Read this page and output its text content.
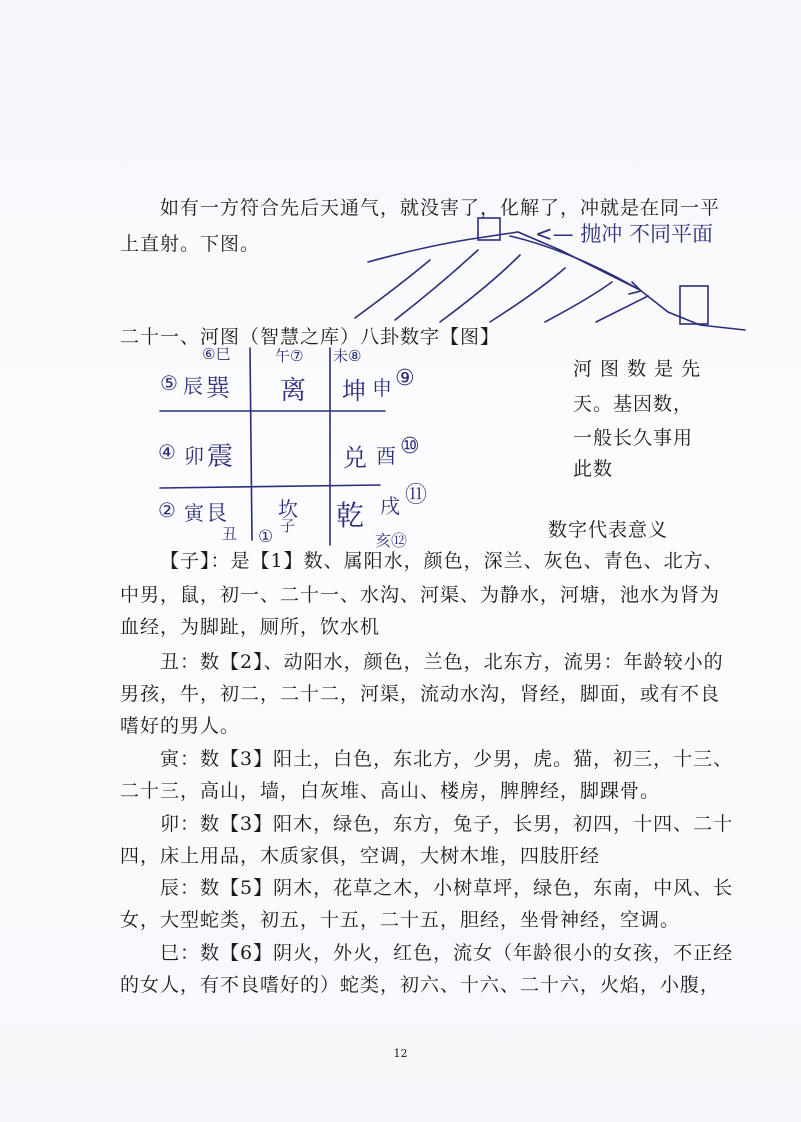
如有一方符合先后天通气，就没害了，化解了，冲就是在同一平
上直射。下图。	<— 抛冲 不同平面
二十一、河图（智慧之库）八卦数字【图】
⑥巳
⑤ 辰 巽
午⑦
离
未⑧
坤 申 ⑨
④ 卯 震	兑 酉 ⑩
② 寅 艮	坎
子
丑 ①
乾 戌 ⑪
亥⑫
河 图 数 是 先
天。基因数，
一般长久事用
此数
数字代表意义
【子】：是【1】数、属阳水，颜色，深兰、灰色、青色、北方、
中男，鼠，初一、二十一、水沟、河渠、为静水，河塘，池水为肾为
血经，为脚趾，厕所，饮水机
丑：数【2】、动阳水，颜色，兰色，北东方，流男：年龄较小的
男孩，牛，初二，二十二，河渠，流动水沟，肾经，脚面，或有不良
嗜好的男人。
寅：数【3】阳土，白色，东北方，少男，虎。猫，初三，十三、
二十三，高山，墙，白灰堆、高山、楼房，脾脾经，脚踝骨。
卯：数【3】阳木，绿色，东方，兔子，长男，初四，十四、二十
四，床上用品，木质家俱，空调，大树木堆，四肢肝经
辰：数【5】阴木，花草之木，小树草坪，绿色，东南，中风、长
女，大型蛇类，初五，十五，二十五，胆经，坐骨神经，空调。
巳：数【6】阴火，外火，红色，流女（年龄很小的女孩，不正经
的女人，有不良嗜好的）蛇类，初六、十六、二十六，火焰，小腹，
12
